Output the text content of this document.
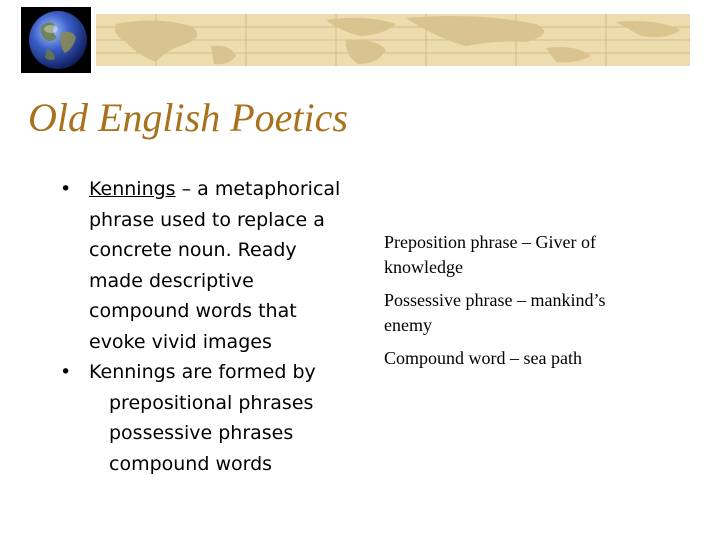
Old English Poetics
• Kennings – a metaphorical
phrase used to replace a
concrete noun. Ready
made descriptive
compound words that
evoke vivid images
• Kennings are formed by
prepositional phrases
possessive phrases
compound words
Preposition phrase – Giver of
knowledge
Possessive phrase – mankind’s
enemy
Compound word – sea path
